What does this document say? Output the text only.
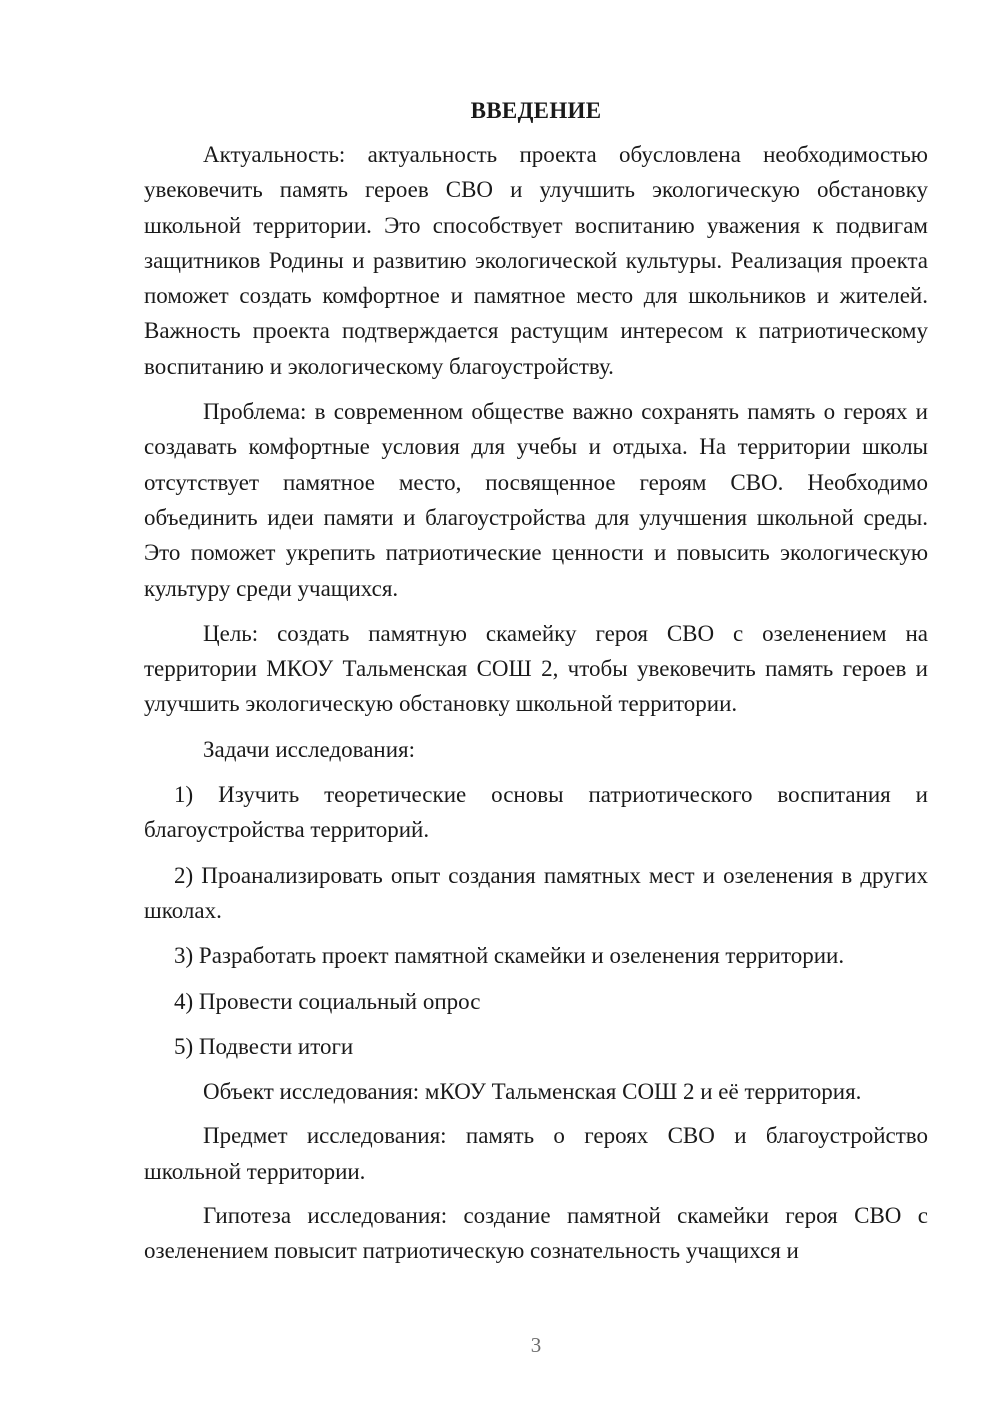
ВВЕДЕНИЕ

Актуальность: актуальность проекта обусловлена необходимостью увековечить память героев СВО и улучшить экологическую обстановку школьной территории. Это способствует воспитанию уважения к подвигам защитников Родины и развитию экологической культуры. Реализация проекта поможет создать комфортное и памятное место для школьников и жителей. Важность проекта подтверждается растущим интересом к патриотическому воспитанию и экологическому благоустройству.

Проблема: в современном обществе важно сохранять память о героях и создавать комфортные условия для учебы и отдыха. На территории школы отсутствует памятное место, посвященное героям СВО. Необходимо объединить идеи памяти и благоустройства для улучшения школьной среды. Это поможет укрепить патриотические ценности и повысить экологическую культуру среди учащихся.

Цель: создать памятную скамейку героя СВО с озеленением на территории МКОУ Тальменская СОШ 2, чтобы увековечить память героев и улучшить экологическую обстановку школьной территории.

Задачи исследования:

1) Изучить теоретические основы патриотического воспитания и благоустройства территорий.

2) Проанализировать опыт создания памятных мест и озеленения в других школах.

3) Разработать проект памятной скамейки и озеленения территории.

4) Провести социальный опрос

5) Подвести итоги

Объект исследования: мКОУ Тальменская СОШ 2 и её территория.

Предмет исследования: память о героях СВО и благоустройство школьной территории.

Гипотеза исследования: создание памятной скамейки героя СВО с озеленением повысит патриотическую сознательность учащихся и

3
